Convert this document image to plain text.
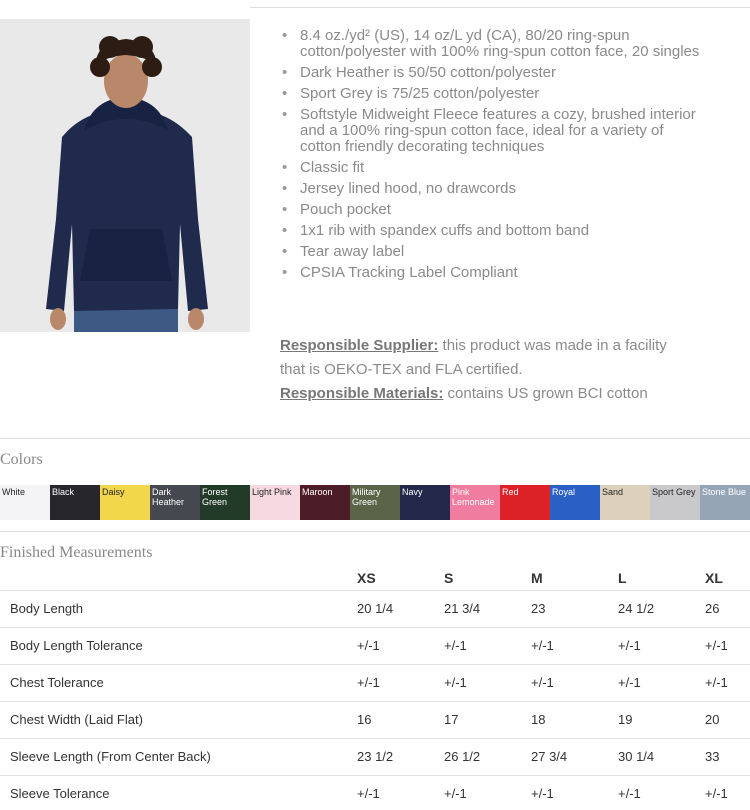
• 8.4 oz./yd² (US), 14 oz/L yd (CA), 80/20 ring-spun cotton/polyester with 100% ring-spun cotton face, 20 singles
• Dark Heather is 50/50 cotton/polyester
• Sport Grey is 75/25 cotton/polyester
• Softstyle Midweight Fleece features a cozy, brushed interior and a 100% ring-spun cotton face, ideal for a variety of cotton friendly decorating techniques
• Classic fit
• Jersey lined hood, no drawcords
• Pouch pocket
• 1x1 rib with spandex cuffs and bottom band
• Tear away label
• CPSIA Tracking Label Compliant
Responsible Supplier: this product was made in a facility
that is OEKO-TEX and FLA certified.
Responsible Materials: contains US grown BCI cotton
Colors
White	Black	Daisy	Dark Heather
Forest Green
Light Pink	Maroon	Military Green
Navy	Pink Lemonade
Red	Royal	Sand	Sport Grey Stone Blue
Finished Measurements
	XS	S	M	L	XL
Body Length	20 1/4	21 3/4	23	24 1/2	26
Body Length Tolerance	+/-1	+/-1	+/-1	+/-1	+/-1
Chest Tolerance	+/-1	+/-1	+/-1	+/-1	+/-1
Chest Width (Laid Flat)	16	17	18	19	20
Sleeve Length (From Center Back)	23 1/2	26 1/2	27 3/4	30 1/4	33
Sleeve Tolerance	+/-1	+/-1	+/-1	+/-1	+/-1
